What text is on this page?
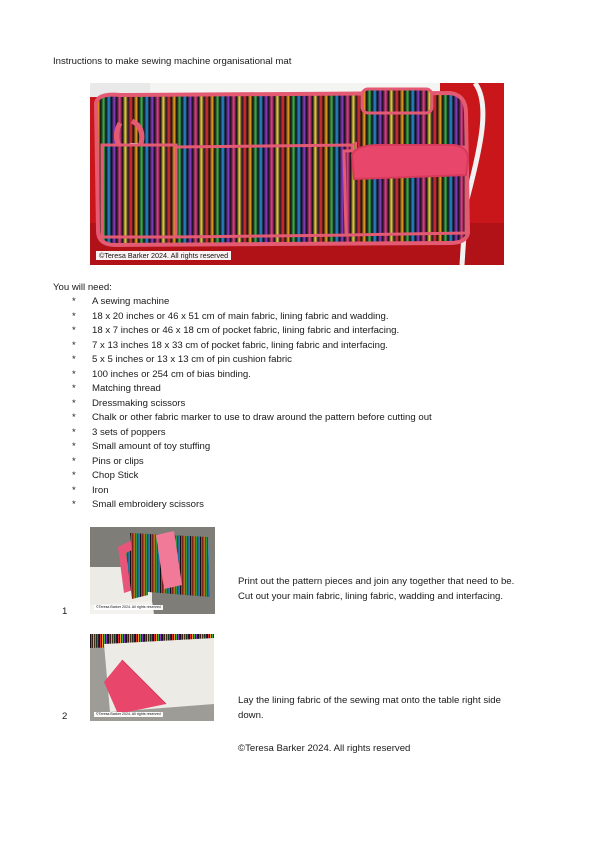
Instructions to make sewing machine organisational mat
©Teresa Barker 2024. All rights reserved
You will need:
* A sewing machine
* 18 x 20 inches or 46 x 51 cm of main fabric, lining fabric and wadding.
* 18 x 7 inches or 46 x 18 cm of pocket fabric, lining fabric and interfacing.
* 7 x 13 inches 18 x 33 cm of pocket fabric, lining fabric and interfacing.
* 5 x 5 inches or 13 x 13 cm of pin cushion fabric
* 100 inches or 254 cm of bias binding.
* Matching thread
* Dressmaking scissors
* Chalk or other fabric marker to use to draw around the pattern before cutting out
* 3 sets of poppers
* Small amount of toy stuffing
* Pins or clips
* Chop Stick
* Iron
* Small embroidery scissors
©Teresa Barker 2024. All rights reserved
1
Print out the pattern pieces and join any together that need to be. Cut out your main fabric, lining fabric, wadding and interfacing.
©Teresa Barker 2024. All rights reserved
2
Lay the lining fabric of the sewing mat onto the table right side down.
©Teresa Barker 2024. All rights reserved
